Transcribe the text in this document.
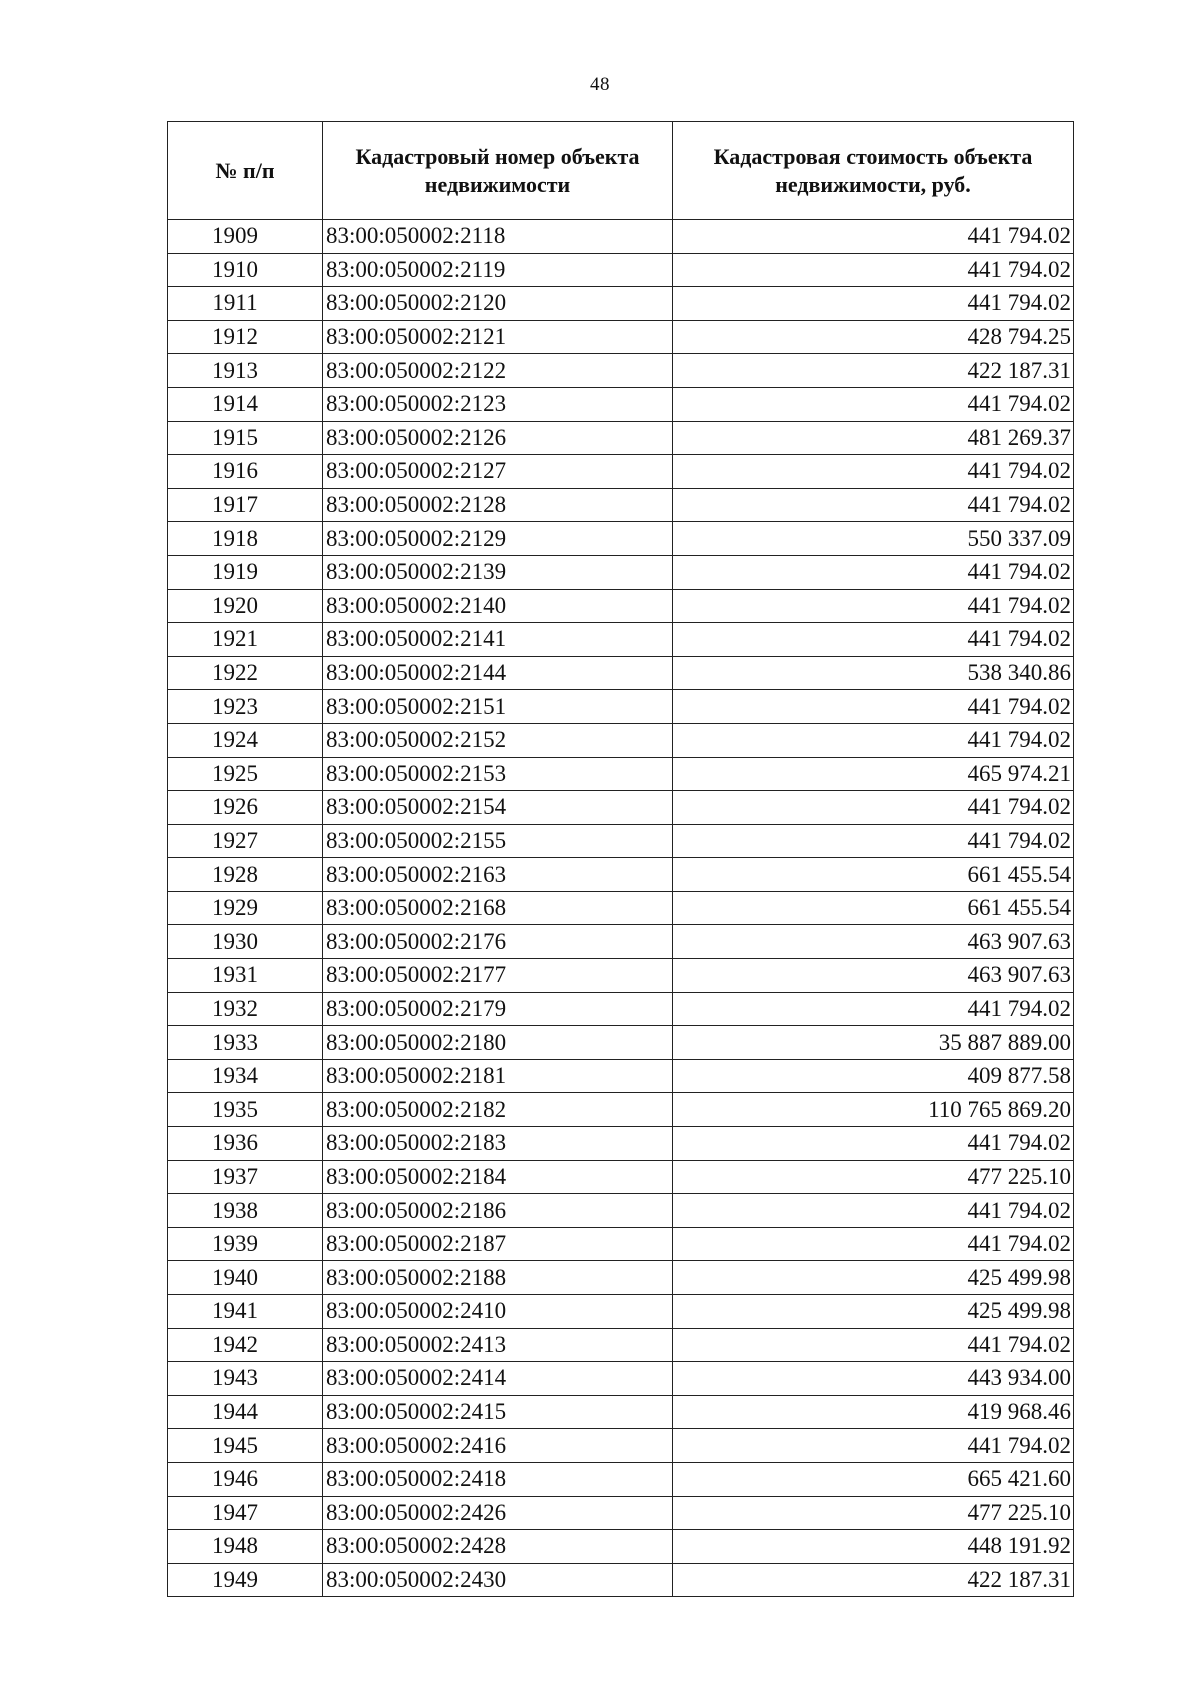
48
№ п/п	Кадастровый номер объекта недвижимости	Кадастровая стоимость объекта недвижимости, руб.
1909	83:00:050002:2118	441 794.02
1910	83:00:050002:2119	441 794.02
1911	83:00:050002:2120	441 794.02
1912	83:00:050002:2121	428 794.25
1913	83:00:050002:2122	422 187.31
1914	83:00:050002:2123	441 794.02
1915	83:00:050002:2126	481 269.37
1916	83:00:050002:2127	441 794.02
1917	83:00:050002:2128	441 794.02
1918	83:00:050002:2129	550 337.09
1919	83:00:050002:2139	441 794.02
1920	83:00:050002:2140	441 794.02
1921	83:00:050002:2141	441 794.02
1922	83:00:050002:2144	538 340.86
1923	83:00:050002:2151	441 794.02
1924	83:00:050002:2152	441 794.02
1925	83:00:050002:2153	465 974.21
1926	83:00:050002:2154	441 794.02
1927	83:00:050002:2155	441 794.02
1928	83:00:050002:2163	661 455.54
1929	83:00:050002:2168	661 455.54
1930	83:00:050002:2176	463 907.63
1931	83:00:050002:2177	463 907.63
1932	83:00:050002:2179	441 794.02
1933	83:00:050002:2180	35 887 889.00
1934	83:00:050002:2181	409 877.58
1935	83:00:050002:2182	110 765 869.20
1936	83:00:050002:2183	441 794.02
1937	83:00:050002:2184	477 225.10
1938	83:00:050002:2186	441 794.02
1939	83:00:050002:2187	441 794.02
1940	83:00:050002:2188	425 499.98
1941	83:00:050002:2410	425 499.98
1942	83:00:050002:2413	441 794.02
1943	83:00:050002:2414	443 934.00
1944	83:00:050002:2415	419 968.46
1945	83:00:050002:2416	441 794.02
1946	83:00:050002:2418	665 421.60
1947	83:00:050002:2426	477 225.10
1948	83:00:050002:2428	448 191.92
1949	83:00:050002:2430	422 187.31
